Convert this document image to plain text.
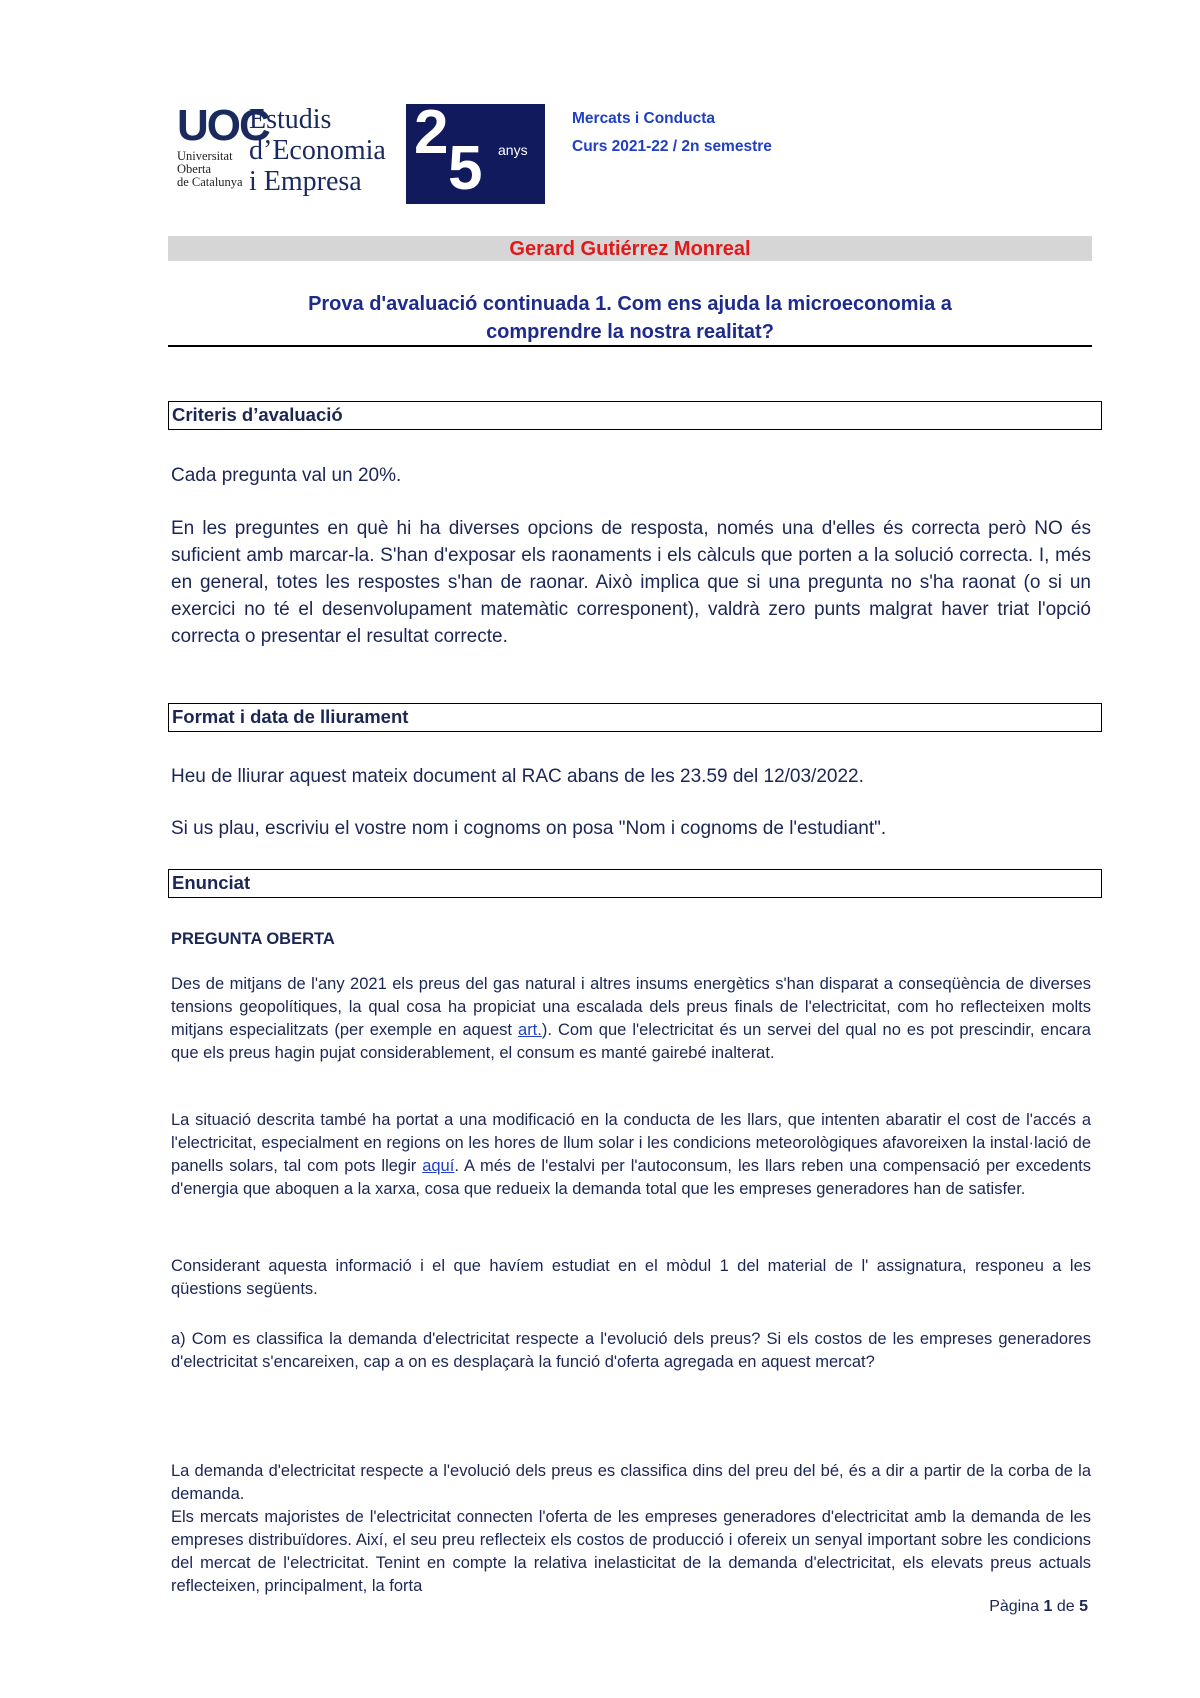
UOC
Universitat
Oberta
de Catalunya
Estudis
d’Economia
i Empresa
2
5 anys
Mercats i Conducta
Curs 2021-22 / 2n semestre
Gerard Gutiérrez Monreal
Prova d'avaluació continuada 1. Com ens ajuda la microeconomia a
comprendre la nostra realitat?
Criteris d’avaluació

Cada pregunta val un 20%.

En les preguntes en què hi ha diverses opcions de resposta, només una d'elles és correcta però NO és suficient amb marcar-la. S'han d'exposar els raonaments i els càlculs que porten a la solució correcta. I, més en general, totes les respostes s'han de raonar. Això implica que si una pregunta no s'ha raonat (o si un exercici no té el desenvolupament matemàtic corresponent), valdrà zero punts malgrat haver triat l'opció correcta o presentar el resultat correcte.

Format i data de lliurament

Heu de lliurar aquest mateix document al RAC abans de les 23.59 del 12/03/2022.

Si us plau, escriviu el vostre nom i cognoms on posa "Nom i cognoms de l'estudiant".

Enunciat

PREGUNTA OBERTA

Des de mitjans de l'any 2021 els preus del gas natural i altres insums energètics s'han disparat a conseqüència de diverses tensions geopolítiques, la qual cosa ha propiciat una escalada dels preus finals de l'electricitat, com ho reflecteixen molts mitjans especialitzats (per exemple en aquest art.). Com que l'electricitat és un servei del qual no es pot prescindir, encara que els preus hagin pujat considerablement, el consum es manté gairebé inalterat.

La situació descrita també ha portat a una modificació en la conducta de les llars, que intenten abaratir el cost de l'accés a l'electricitat, especialment en regions on les hores de llum solar i les condicions meteorològiques afavoreixen la instal·lació de panells solars, tal com pots llegir aquí. A més de l'estalvi per l'autoconsum, les llars reben una compensació per excedents d'energia que aboquen a la xarxa, cosa que redueix la demanda total que les empreses generadores han de satisfer.

Considerant aquesta informació i el que havíem estudiat en el mòdul 1 del material de l' assignatura, responeu a les qüestions següents.

a) Com es classifica la demanda d'electricitat respecte a l'evolució dels preus? Si els costos de les empreses generadores d'electricitat s'encareixen, cap a on es desplaçarà la funció d'oferta agregada en aquest mercat?

La demanda d'electricitat respecte a l'evolució dels preus es classifica dins del preu del bé, és a dir a partir de la corba de la demanda.

Els mercats majoristes de l'electricitat connecten l'oferta de les empreses generadores d'electricitat amb la demanda de les empreses distribuïdores. Així, el seu preu reflecteix els costos de producció i ofereix un senyal important sobre les condicions del mercat de l'electricitat. Tenint en compte la relativa inelasticitat de la demanda d'electricitat, els elevats preus actuals reflecteixen, principalment, la forta

Pàgina 1 de 5
